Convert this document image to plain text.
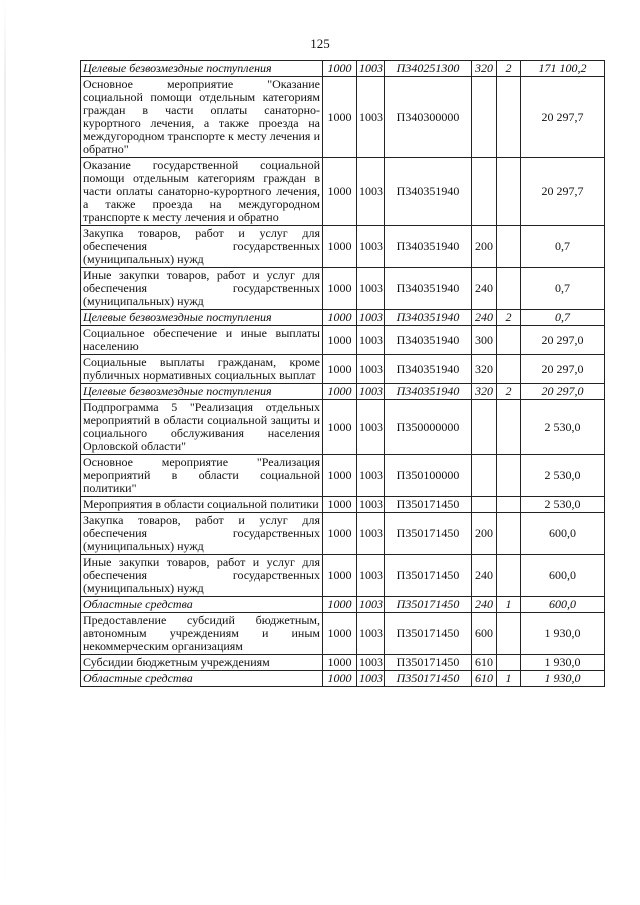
125
Целевые безвозмездные поступления	1000	1003	П340251300	320	2	171 100,2
Основное мероприятие "Оказание социальной помощи отдельным категориям граждан в части оплаты санаторно-курортного лечения, а также проезда на междугородном транспорте к месту лечения и обратно"	1000	1003	П340300000			20 297,7
Оказание государственной социальной помощи отдельным категориям граждан в части оплаты санаторно-курортного лечения, а также проезда на междугородном транспорте к месту лечения и обратно	1000	1003	П340351940			20 297,7
Закупка товаров, работ и услуг для обеспечения государственных (муниципальных) нужд	1000	1003	П340351940	200		0,7
Иные закупки товаров, работ и услуг для обеспечения государственных (муниципальных) нужд	1000	1003	П340351940	240		0,7
Целевые безвозмездные поступления	1000	1003	П340351940	240	2	0,7
Социальное обеспечение и иные выплаты населению	1000	1003	П340351940	300		20 297,0
Социальные выплаты гражданам, кроме публичных нормативных социальных выплат	1000	1003	П340351940	320		20 297,0
Целевые безвозмездные поступления	1000	1003	П340351940	320	2	20 297,0
Подпрограмма 5 "Реализация отдельных мероприятий в области социальной защиты и социального обслуживания населения Орловской области"	1000	1003	П350000000			2 530,0
Основное мероприятие "Реализация мероприятий в области социальной политики"	1000	1003	П350100000			2 530,0
Мероприятия в области социальной политики	1000	1003	П350171450			2 530,0
Закупка товаров, работ и услуг для обеспечения государственных (муниципальных) нужд	1000	1003	П350171450	200		600,0
Иные закупки товаров, работ и услуг для обеспечения государственных (муниципальных) нужд	1000	1003	П350171450	240		600,0
Областные средства	1000	1003	П350171450	240	1	600,0
Предоставление субсидий бюджетным, автономным учреждениям и иным некоммерческим организациям	1000	1003	П350171450	600		1 930,0
Субсидии бюджетным учреждениям	1000	1003	П350171450	610		1 930,0
Областные средства	1000	1003	П350171450	610	1	1 930,0
